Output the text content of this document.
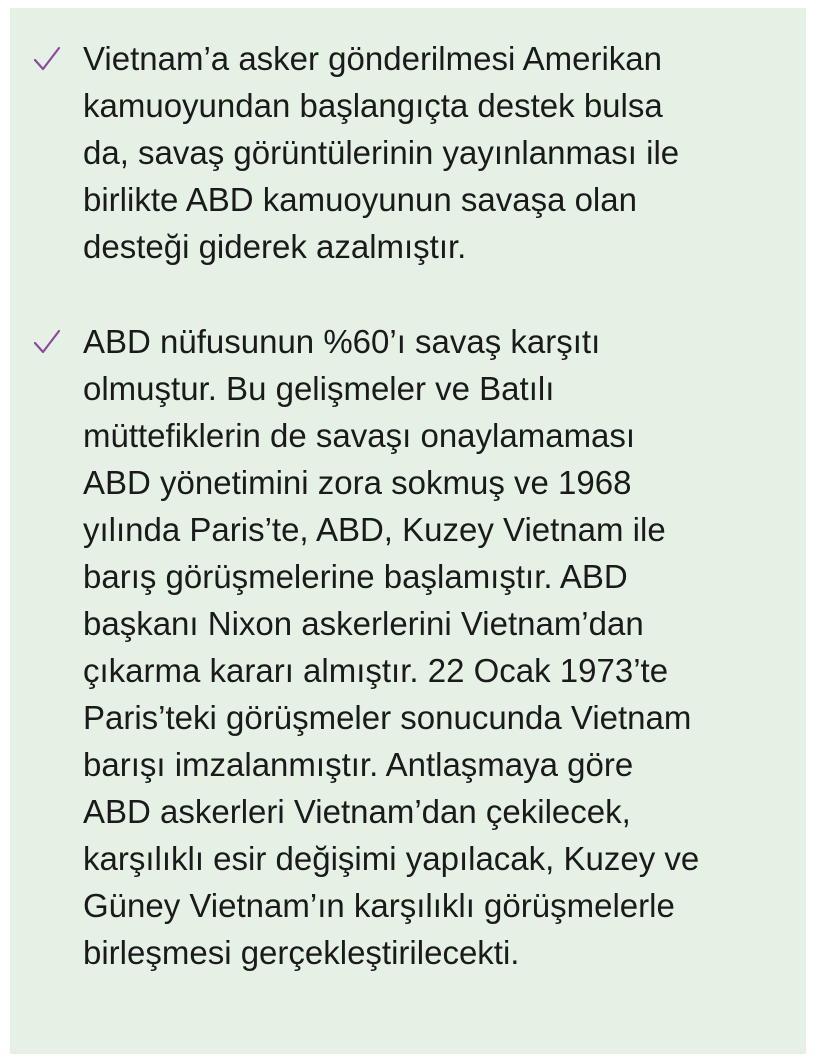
Vietnam’a asker gönderilmesi Amerikan
kamuoyundan başlangıçta destek bulsa
da, savaş görüntülerinin yayınlanması ile
birlikte ABD kamuoyunun savaşa olan
desteği giderek azalmıştır.

ABD nüfusunun %60’ı savaş karşıtı
olmuştur. Bu gelişmeler ve Batılı
müttefiklerin de savaşı onaylamaması
ABD yönetimini zora sokmuş ve 1968
yılında Paris’te, ABD, Kuzey Vietnam ile
barış görüşmelerine başlamıştır. ABD
başkanı Nixon askerlerini Vietnam’dan
çıkarma kararı almıştır. 22 Ocak 1973’te
Paris’teki görüşmeler sonucunda Vietnam
barışı imzalanmıştır. Antlaşmaya göre
ABD askerleri Vietnam’dan çekilecek,
karşılıklı esir değişimi yapılacak, Kuzey ve
Güney Vietnam’ın karşılıklı görüşmelerle
birleşmesi gerçekleştirilecekti.
